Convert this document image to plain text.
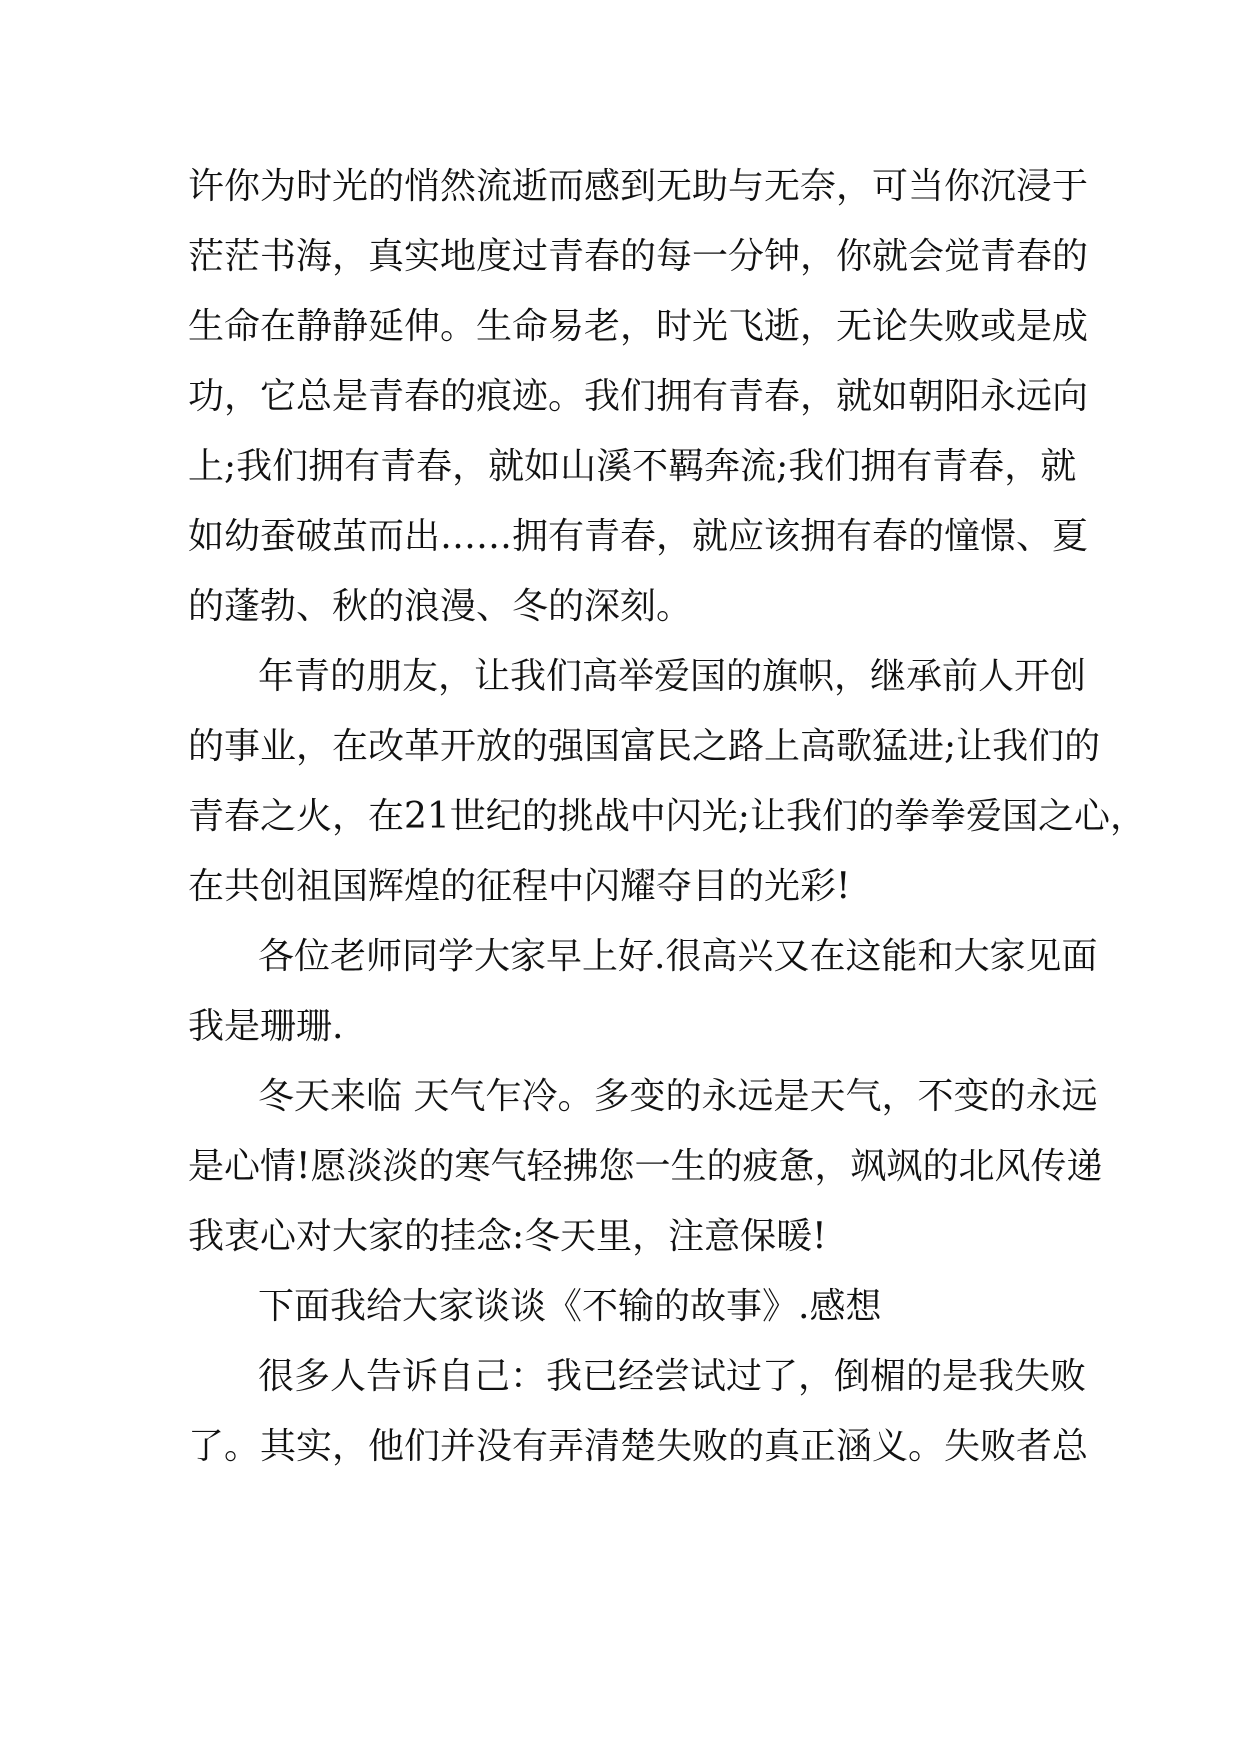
许你为时光的悄然流逝而感到无助与无奈，可当你沉浸于
茫茫书海，真实地度过青春的每一分钟，你就会觉青春的
生命在静静延伸。生命易老，时光飞逝，无论失败或是成
功，它总是青春的痕迹。我们拥有青春，就如朝阳永远向
上;我们拥有青春，就如山溪不羁奔流;我们拥有青春，就
如幼蚕破茧而出……拥有青春，就应该拥有春的憧憬、夏
的蓬勃、秋的浪漫、冬的深刻。
年青的朋友，让我们高举爱国的旗帜，继承前人开创
的事业，在改革开放的强国富民之路上高歌猛进;让我们的
青春之火，在21世纪的挑战中闪光;让我们的拳拳爱国之心，
在共创祖国辉煌的征程中闪耀夺目的光彩!
各位老师同学大家早上好.很高兴又在这能和大家见面
我是珊珊.
冬天来临 天气乍冷。多变的永远是天气，不变的永远
是心情!愿淡淡的寒气轻拂您一生的疲惫，飒飒的北风传递
我衷心对大家的挂念:冬天里，注意保暖!
下面我给大家谈谈《不输的故事》.感想
很多人告诉自己：我已经尝试过了，倒楣的是我失败
了。其实，他们并没有弄清楚失败的真正涵义。失败者总
